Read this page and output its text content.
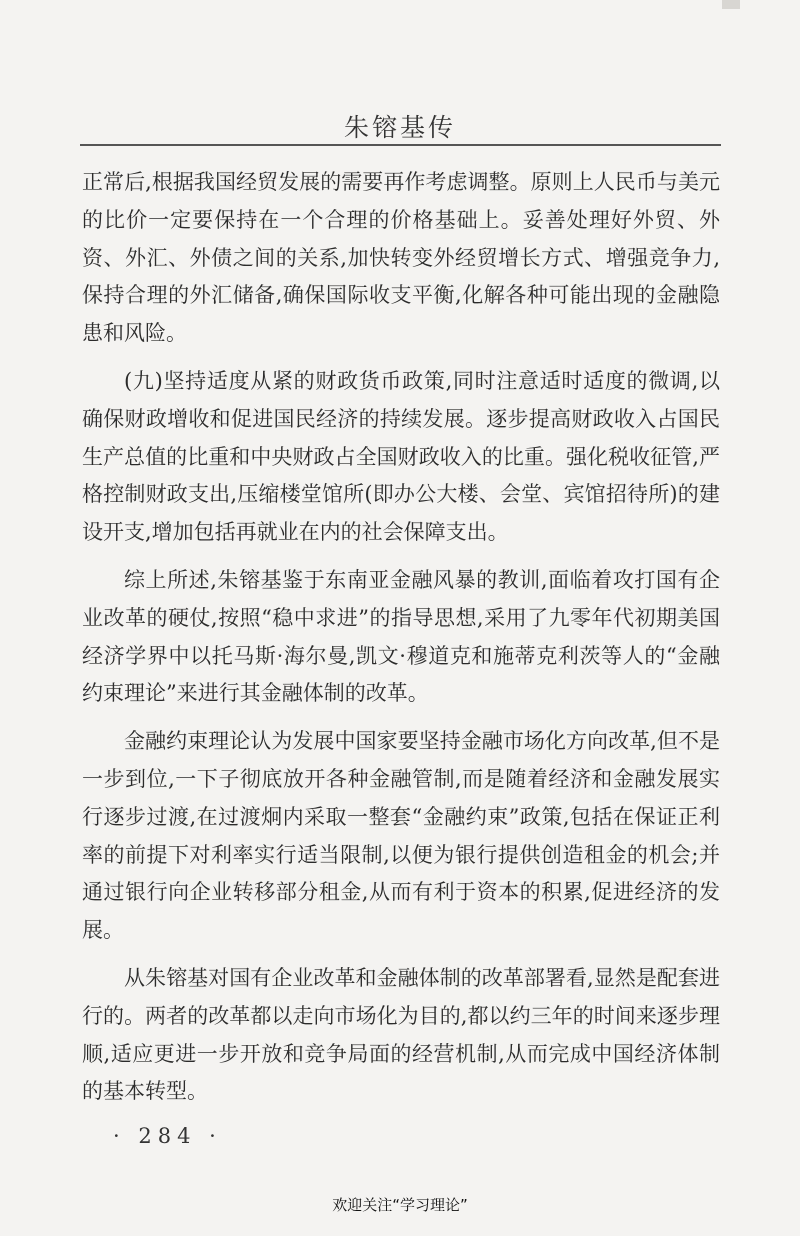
朱镕基传

正常后,根据我国经贸发展的需要再作考虑调整。原则上人民币与美元的比价一定要保持在一个合理的价格基础上。妥善处理好外贸、外资、外汇、外债之间的关系,加快转变外经贸增长方式、增强竞争力,保持合理的外汇储备,确保国际收支平衡,化解各种可能出现的金融隐患和风险。

(九)坚持适度从紧的财政货币政策,同时注意适时适度的微调,以确保财政增收和促进国民经济的持续发展。逐步提高财政收入占国民生产总值的比重和中央财政占全国财政收入的比重。强化税收征管,严格控制财政支出,压缩楼堂馆所(即办公大楼、会堂、宾馆招待所)的建设开支,增加包括再就业在内的社会保障支出。

综上所述,朱镕基鉴于东南亚金融风暴的教训,面临着攻打国有企业改革的硬仗,按照“稳中求进”的指导思想,采用了九零年代初期美国经济学界中以托马斯·海尔曼,凯文·穆道克和施蒂克利茨等人的“金融约束理论”来进行其金融体制的改革。

金融约束理论认为发展中国家要坚持金融市场化方向改革,但不是一步到位,一下子彻底放开各种金融管制,而是随着经济和金融发展实行逐步过渡,在过渡炯内采取一整套“金融约束”政策,包括在保证正利率的前提下对利率实行适当限制,以便为银行提供创造租金的机会;并通过银行向企业转移部分租金,从而有利于资本的积累,促进经济的发展。

从朱镕基对国有企业改革和金融体制的改革部署看,显然是配套进行的。两者的改革都以走向市场化为目的,都以约三年的时间来逐步理顺,适应更进一步开放和竞争局面的经营机制,从而完成中国经济体制的基本转型。

· 284 ·
欢迎关注“学习理论”
